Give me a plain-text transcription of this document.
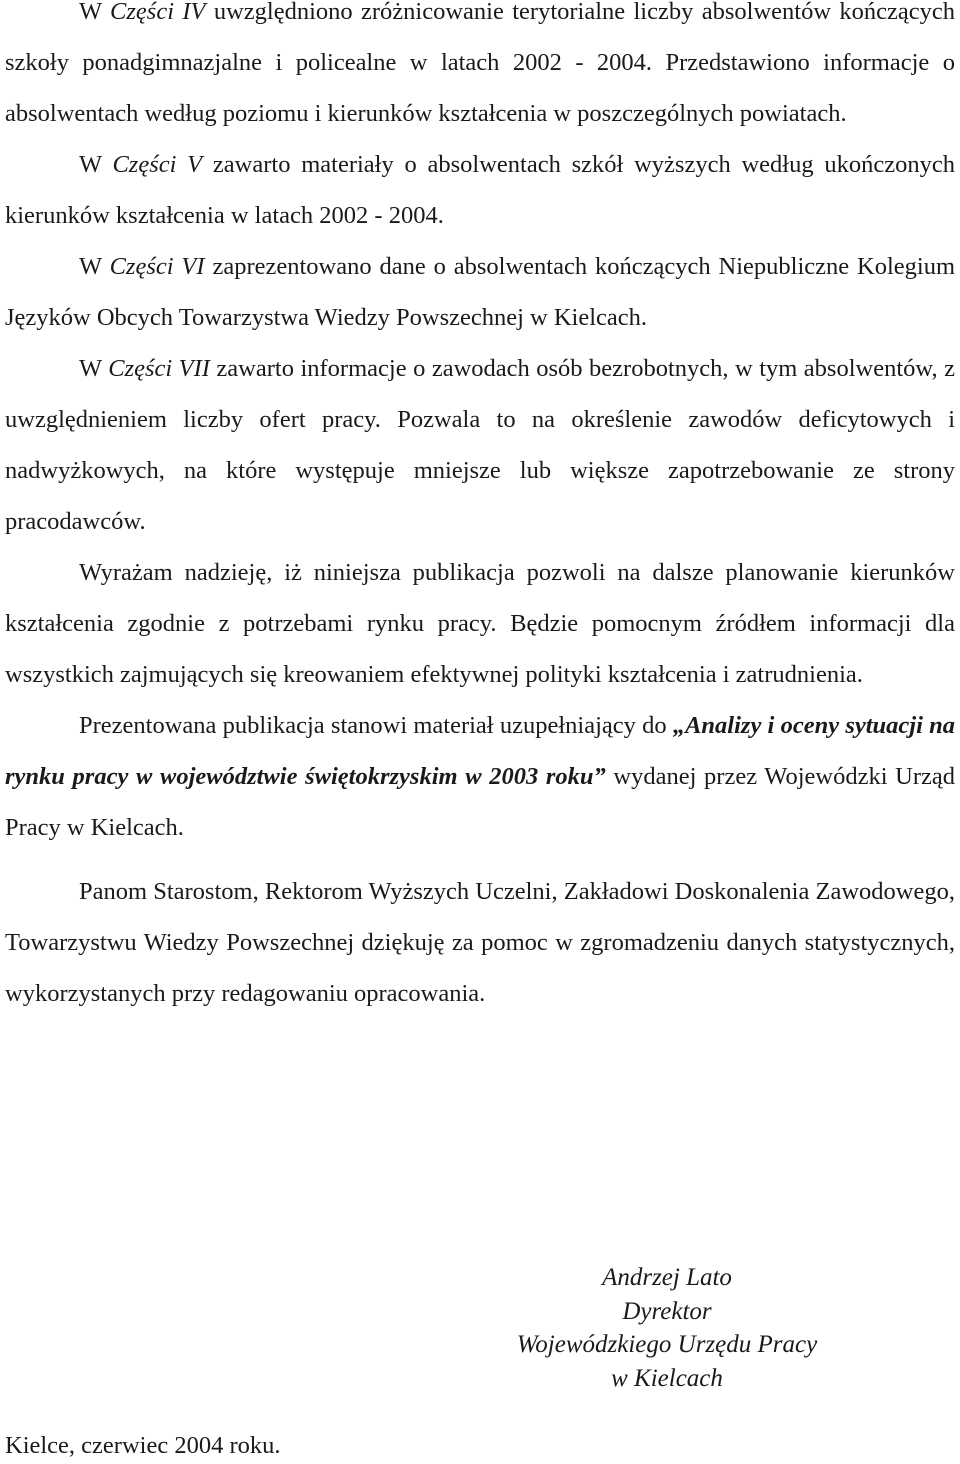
W Części IV uwzględniono zróżnicowanie terytorialne liczby absolwentów kończących szkoły ponadgimnazjalne i policealne w latach 2002 - 2004. Przedstawiono informacje o absolwentach według poziomu i kierunków kształcenia w poszczególnych powiatach.

W Części V zawarto materiały o absolwentach szkół wyższych według ukończonych kierunków kształcenia w latach 2002 - 2004.

W Części VI zaprezentowano dane o absolwentach kończących Niepubliczne Kolegium Języków Obcych Towarzystwa Wiedzy Powszechnej w Kielcach.

W Części VII zawarto informacje o zawodach osób bezrobotnych, w tym absolwentów, z uwzględnieniem liczby ofert pracy. Pozwala to na określenie zawodów deficytowych i nadwyżkowych, na które występuje mniejsze lub większe zapotrzebowanie ze strony pracodawców.

Wyrażam nadzieję, iż niniejsza publikacja pozwoli na dalsze planowanie kierunków kształcenia zgodnie z potrzebami rynku pracy. Będzie pomocnym źródłem informacji dla wszystkich zajmujących się kreowaniem efektywnej polityki kształcenia i zatrudnienia.

Prezentowana publikacja stanowi materiał uzupełniający do „Analizy i oceny sytuacji na rynku pracy w województwie świętokrzyskim w 2003 roku” wydanej przez Wojewódzki Urząd Pracy w Kielcach.

Panom Starostom, Rektorom Wyższych Uczelni, Zakładowi Doskonalenia Zawodowego, Towarzystwu Wiedzy Powszechnej dziękuję za pomoc w zgromadzeniu danych statystycznych, wykorzystanych przy redagowaniu opracowania.

Andrzej Lato
Dyrektor
Wojewódzkiego Urzędu Pracy
w Kielcach
Kielce, czerwiec 2004 roku.
